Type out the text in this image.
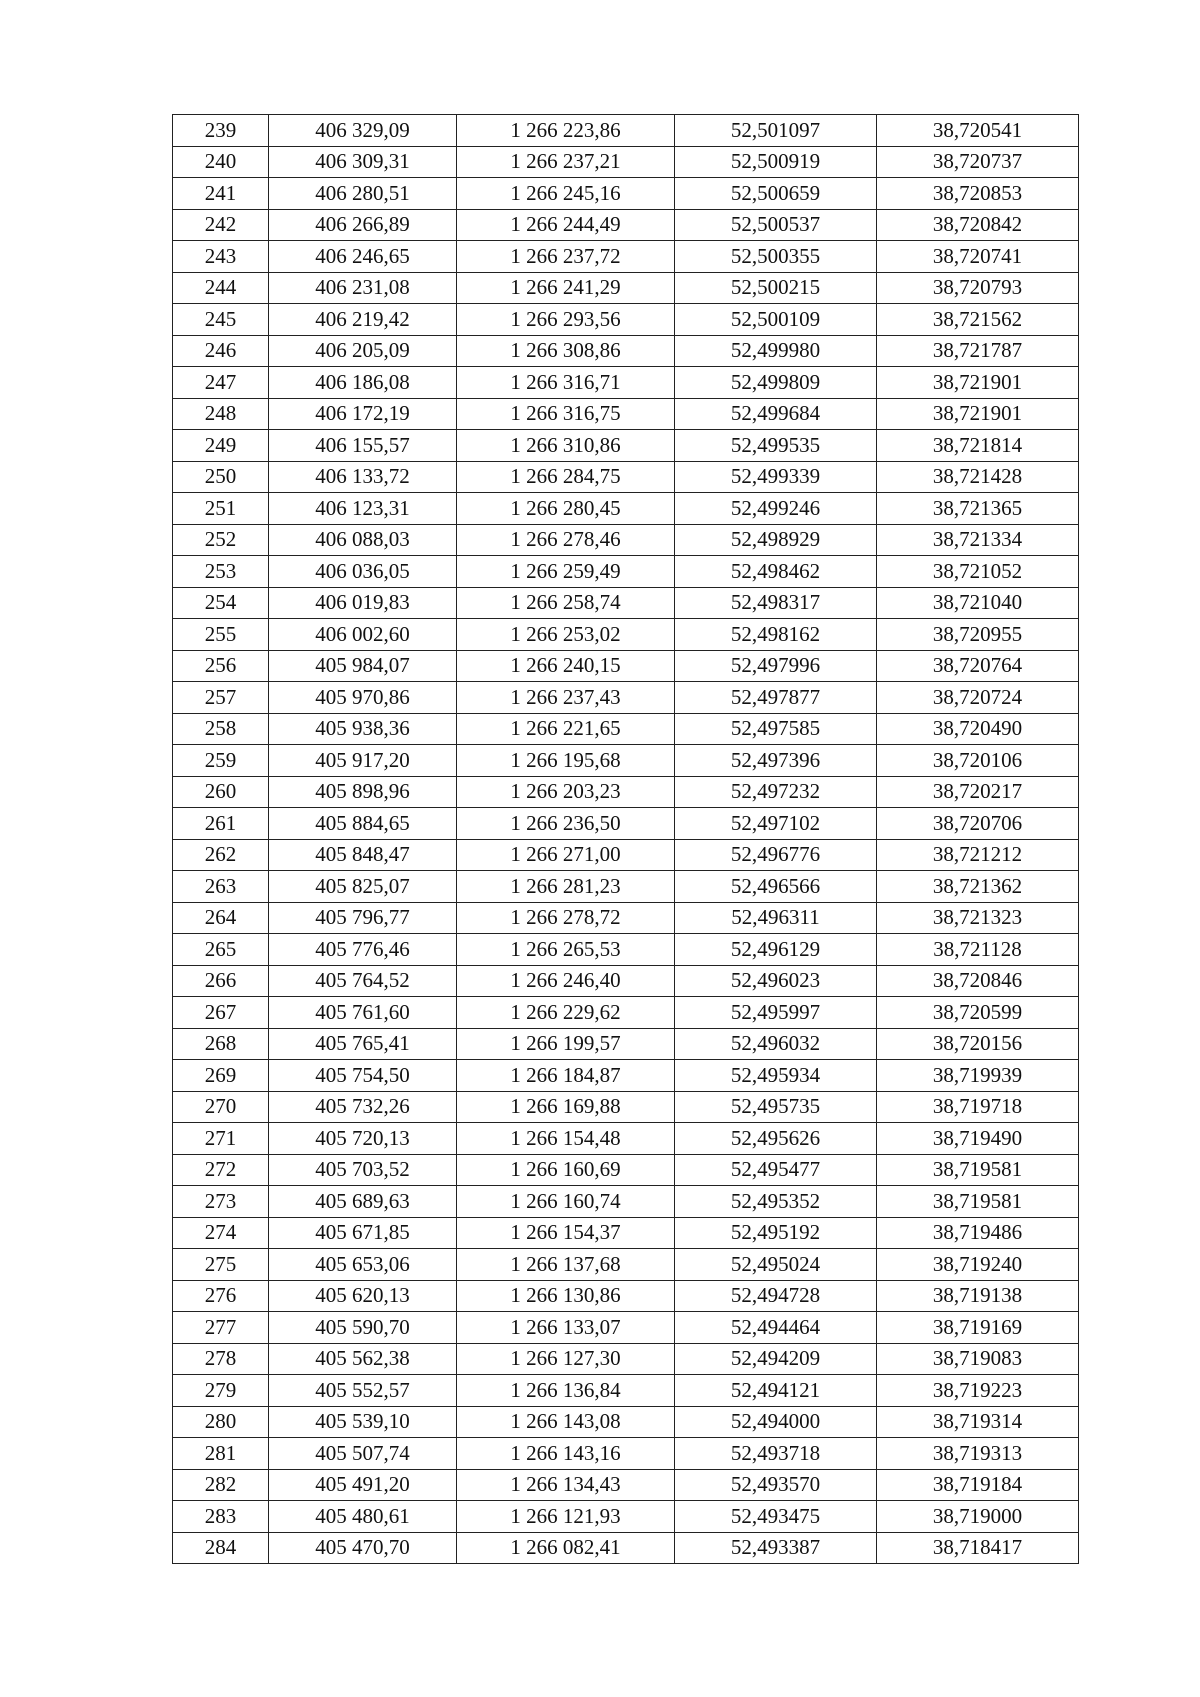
239	406 329,09	1 266 223,86	52,501097	38,720541
240	406 309,31	1 266 237,21	52,500919	38,720737
241	406 280,51	1 266 245,16	52,500659	38,720853
242	406 266,89	1 266 244,49	52,500537	38,720842
243	406 246,65	1 266 237,72	52,500355	38,720741
244	406 231,08	1 266 241,29	52,500215	38,720793
245	406 219,42	1 266 293,56	52,500109	38,721562
246	406 205,09	1 266 308,86	52,499980	38,721787
247	406 186,08	1 266 316,71	52,499809	38,721901
248	406 172,19	1 266 316,75	52,499684	38,721901
249	406 155,57	1 266 310,86	52,499535	38,721814
250	406 133,72	1 266 284,75	52,499339	38,721428
251	406 123,31	1 266 280,45	52,499246	38,721365
252	406 088,03	1 266 278,46	52,498929	38,721334
253	406 036,05	1 266 259,49	52,498462	38,721052
254	406 019,83	1 266 258,74	52,498317	38,721040
255	406 002,60	1 266 253,02	52,498162	38,720955
256	405 984,07	1 266 240,15	52,497996	38,720764
257	405 970,86	1 266 237,43	52,497877	38,720724
258	405 938,36	1 266 221,65	52,497585	38,720490
259	405 917,20	1 266 195,68	52,497396	38,720106
260	405 898,96	1 266 203,23	52,497232	38,720217
261	405 884,65	1 266 236,50	52,497102	38,720706
262	405 848,47	1 266 271,00	52,496776	38,721212
263	405 825,07	1 266 281,23	52,496566	38,721362
264	405 796,77	1 266 278,72	52,496311	38,721323
265	405 776,46	1 266 265,53	52,496129	38,721128
266	405 764,52	1 266 246,40	52,496023	38,720846
267	405 761,60	1 266 229,62	52,495997	38,720599
268	405 765,41	1 266 199,57	52,496032	38,720156
269	405 754,50	1 266 184,87	52,495934	38,719939
270	405 732,26	1 266 169,88	52,495735	38,719718
271	405 720,13	1 266 154,48	52,495626	38,719490
272	405 703,52	1 266 160,69	52,495477	38,719581
273	405 689,63	1 266 160,74	52,495352	38,719581
274	405 671,85	1 266 154,37	52,495192	38,719486
275	405 653,06	1 266 137,68	52,495024	38,719240
276	405 620,13	1 266 130,86	52,494728	38,719138
277	405 590,70	1 266 133,07	52,494464	38,719169
278	405 562,38	1 266 127,30	52,494209	38,719083
279	405 552,57	1 266 136,84	52,494121	38,719223
280	405 539,10	1 266 143,08	52,494000	38,719314
281	405 507,74	1 266 143,16	52,493718	38,719313
282	405 491,20	1 266 134,43	52,493570	38,719184
283	405 480,61	1 266 121,93	52,493475	38,719000
284	405 470,70	1 266 082,41	52,493387	38,718417
